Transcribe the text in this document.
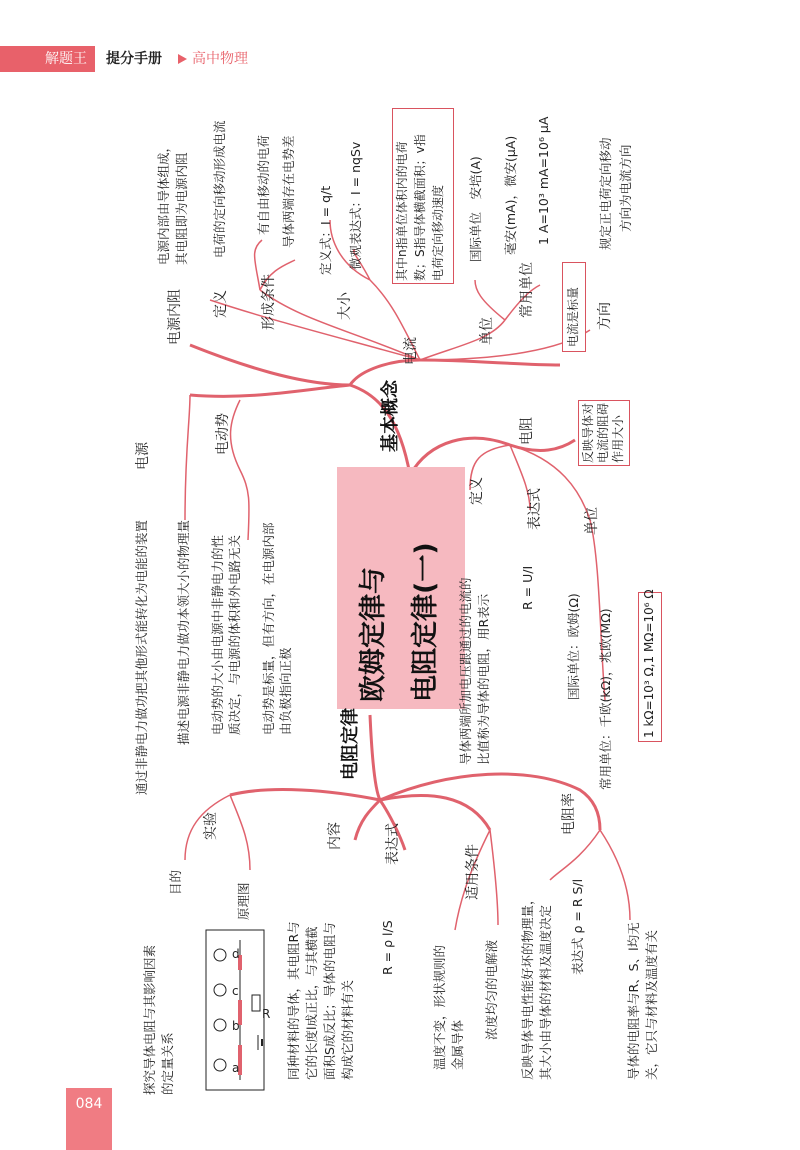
解题王	提分手册 高中物理
欧姆定律与 电阻定律(一)
基本概念
电阻定律
电流
定义
电荷的定向移动形成电流
形成条件
有自由移动的电荷 导体两端存在电势差
大小
定义式：I = q/t 微观表达式：I = nqSv	其中n指单位体积内的电荷 数；S指导体横截面积；v指 电荷定向移动速度
单位
国际单位　安培(A)
常用单位
毫安(mA)，微安(μA) 1 A=10³ mA=10⁶ μA
电流是标量 方向
规定正电荷定向移动 方向为电流方向
电源内阻
电源内部由导体组成， 其电阻即为电源内阻
电动势
电源
通过非静电力做功把其他形式能转化为电能的装置 描述电源非静电力做功本领大小的物理量 电动势的大小由电源中非静电力的性 质决定，与电源的体积和外电路无关 电动势是标量，但有方向，在电源内部 由负极指向正极
电阻	反映导体对 电流的阻碍 作用大小
定义
导体两端所加电压跟通过的电流的 比值称为导体的电阻，用R表示
表达式
R = U/I
单位
国际单位：欧姆(Ω) 常用单位：千欧(kΩ)，兆欧(MΩ) 1 kΩ=10³ Ω,1 MΩ=10⁶ Ω
实验
目的
探究导体电阻与其影响因素 的定量关系
原理图
a
b
c
d
R
内容
同种材料的导体，其电阻R与 它的长度l成正比，与其横截 面积S成反比；导体的电阻与 构成它的材料有关
表达式
R = ρ l/S
适用条件
温度不变，形状规则的 金属导体
浓度均匀的电解液
电阻率
反映导体导电性能好坏的物理量， 其大小由导体的材料及温度决定 表达式 ρ = R S/l	导体的电阻率与R、S、l均无 关，它只与材料及温度有关
084
